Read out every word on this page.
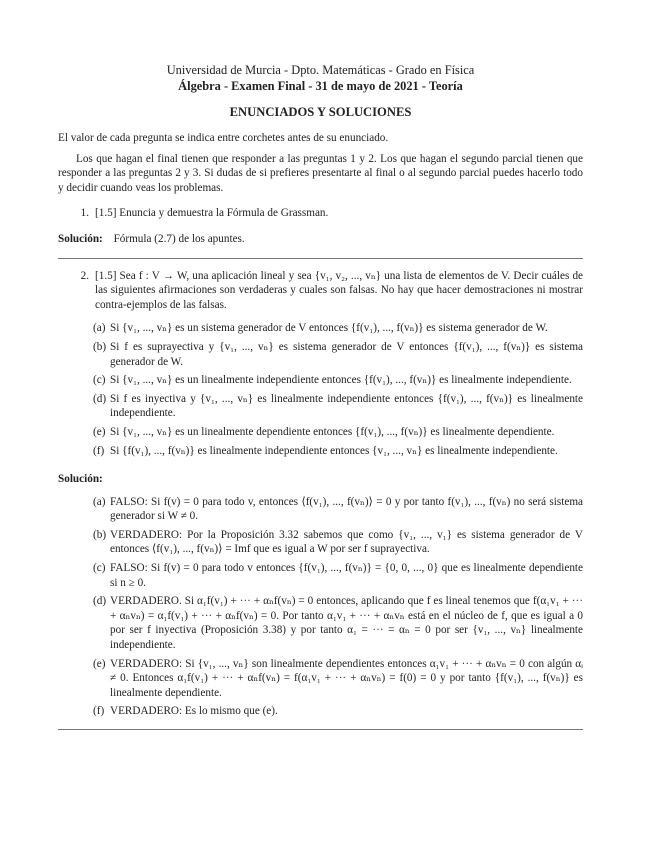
Universidad de Murcia - Dpto. Matemáticas - Grado en Física
Álgebra - Examen Final - 31 de mayo de 2021 - Teoría
ENUNCIADOS Y SOLUCIONES

El valor de cada pregunta se indica entre corchetes antes de su enunciado.

Los que hagan el final tienen que responder a las preguntas 1 y 2. Los que hagan el segundo parcial tienen que responder a las preguntas 2 y 3. Si dudas de si prefieres presentarte al final o al segundo parcial puedes hacerlo todo y decidir cuando veas los problemas.

1. [1.5] Enuncia y demuestra la Fórmula de Grassman.
Solución: Fórmula (2.7) de los apuntes.
2. [1.5] Sea f : V → W, una aplicación lineal y sea {v₁, v₂, ..., vₙ} una lista de elementos de V. Decir cuáles de las siguientes afirmaciones son verdaderas y cuales son falsas. No hay que hacer demostraciones ni mostrar contra-ejemplos de las falsas.
(a) Si {v₁, ..., vₙ} es un sistema generador de V entonces {f(v₁), ..., f(vₙ)} es sistema generador de W.
(b) Si f es suprayectiva y {v₁, ..., vₙ} es sistema generador de V entonces {f(v₁), ..., f(vₙ)} es sistema generador de W.
(c) Si {v₁, ..., vₙ} es un linealmente independiente entonces {f(v₁), ..., f(vₙ)} es linealmente independiente.
(d) Si f es inyectiva y {v₁, ..., vₙ} es linealmente independiente entonces {f(v₁), ..., f(vₙ)} es linealmente independiente.
(e) Si {v₁, ..., vₙ} es un linealmente dependiente entonces {f(v₁), ..., f(vₙ)} es linealmente dependiente.
(f) Si {f(v₁), ..., f(vₙ)} es linealmente independiente entonces {v₁, ..., vₙ} es linealmente independiente.
Solución:
(a) FALSO: Si f(v) = 0 para todo v, entonces ⟨f(v₁), ..., f(vₙ)⟩ = 0 y por tanto f(v₁), ..., f(vₙ) no será sistema generador si W ≠ 0.
(b) VERDADERO: Por la Proposición 3.32 sabemos que como {v₁, ..., v₁} es sistema generador de V entonces ⟨f(v₁), ..., f(vₙ)⟩ = Imf que es igual a W por ser f suprayectiva.
(c) FALSO: Si f(v) = 0 para todo v entonces {f(v₁), ..., f(vₙ)} = {0, 0, ..., 0} que es linealmente dependiente si n ≥ 0.
(d) VERDADERO. Si α₁f(v₁) + ··· + αₙf(vₙ) = 0 entonces, aplicando que f es lineal tenemos que f(α₁v₁ + ··· + αₙvₙ) = α₁f(v₁) + ··· + αₙf(vₙ) = 0. Por tanto α₁v₁ + ··· + αₙvₙ está en el núcleo de f, que es igual a 0 por ser f inyectiva (Proposición 3.38) y por tanto α₁ = ··· = αₙ = 0 por ser {v₁, ..., vₙ} linealmente independiente.
(e) VERDADERO: Si {v₁, ..., vₙ} son linealmente dependientes entonces α₁v₁ + ··· + αₙvₙ = 0 con algún αᵢ ≠ 0. Entonces α₁f(v₁) + ··· + αₙf(vₙ) = f(α₁v₁ + ··· + αₙvₙ) = f(0) = 0 y por tanto {f(v₁), ..., f(vₙ)} es linealmente dependiente.
(f) VERDADERO: Es lo mismo que (e).
